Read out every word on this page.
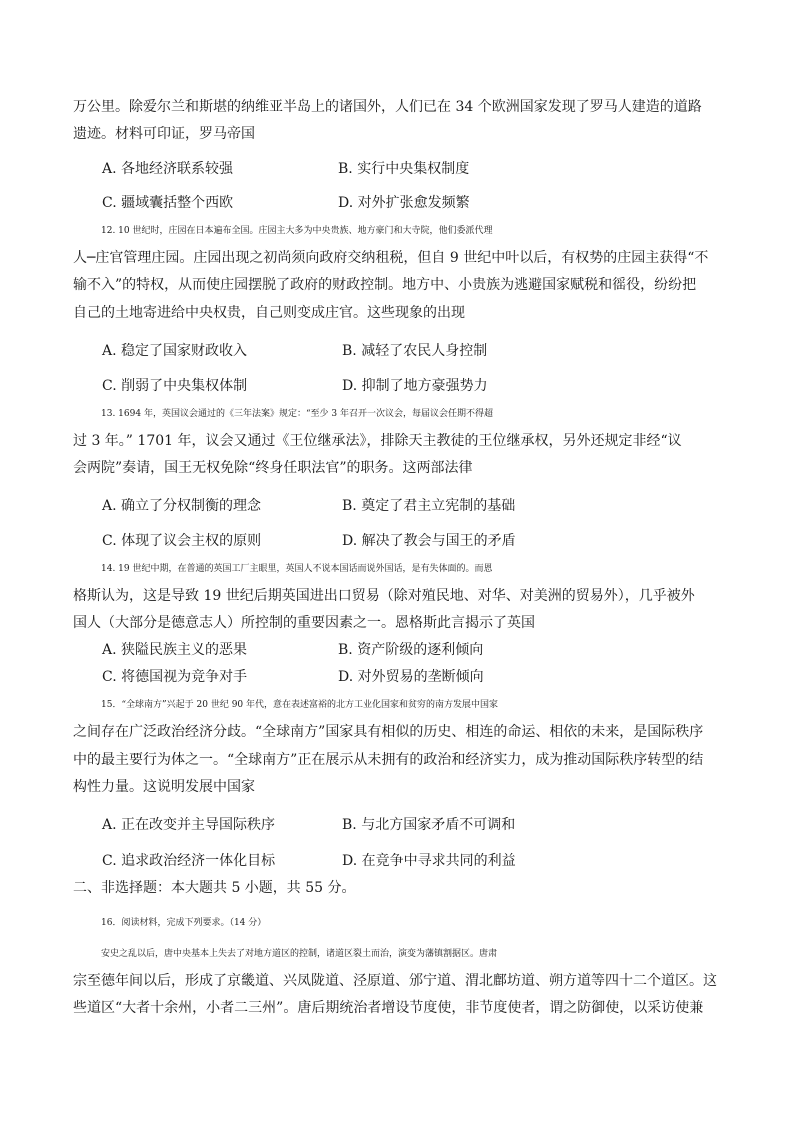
万公里。除爱尔兰和斯堪的纳维亚半岛上的诸国外，人们已在 34 个欧洲国家发现了罗马人建造的道路
遗迹。材料可印证，罗马帝国
A. 各地经济联系较强	B. 实行中央集权制度
C. 疆域囊括整个西欧	D. 对外扩张愈发频繁
12. 10 世纪时，庄园在日本遍布全国。庄园主大多为中央贵族、地方豪门和大寺院，他们委派代理
人─庄官管理庄园。庄园出现之初尚须向政府交纳租税，但自 9 世纪中叶以后，有权势的庄园主获得“不
输不入”的特权，从而使庄园摆脱了政府的财政控制。地方中、小贵族为逃避国家赋税和徭役，纷纷把
自己的土地寄进给中央权贵，自己则变成庄官。这些现象的出现
A. 稳定了国家财政收入	B. 减轻了农民人身控制
C. 削弱了中央集权体制	D. 抑制了地方豪强势力
13. 1694 年，英国议会通过的《三年法案》规定：“至少 3 年召开一次议会，每届议会任期不得超
过 3 年。” 1701 年，议会又通过《王位继承法》，排除天主教徒的王位继承权，另外还规定非经“议
会两院”奏请，国王无权免除“终身任职法官”的职务。这两部法律
A. 确立了分权制衡的理念	B. 奠定了君主立宪制的基础
C. 体现了议会主权的原则	D. 解决了教会与国王的矛盾
14. 19 世纪中期，在普通的英国工厂主眼里，英国人不说本国话而说外国话，是有失体面的。而恩
格斯认为，这是导致 19 世纪后期英国进出口贸易（除对殖民地、对华、对美洲的贸易外），几乎被外
国人（大部分是德意志人）所控制的重要因素之一。恩格斯此言揭示了英国
A. 狭隘民族主义的恶果	B. 资产阶级的逐利倾向
C. 将德国视为竞争对手	D. 对外贸易的垄断倾向
15．“全球南方”兴起于 20 世纪 90 年代，意在表述富裕的北方工业化国家和贫穷的南方发展中国家
之间存在广泛政治经济分歧。“全球南方”国家具有相似的历史、相连的命运、相依的未来，是国际秩序
中的最主要行为体之一。“全球南方”正在展示从未拥有的政治和经济实力，成为推动国际秩序转型的结
构性力量。这说明发展中国家
A. 正在改变并主导国际秩序	B. 与北方国家矛盾不可调和
C. 追求政治经济一体化目标	D. 在竞争中寻求共同的利益
二、非选择题：本大题共 5 小题，共 55 分。
16．阅读材料，完成下列要求。（14 分）
安史之乱以后，唐中央基本上失去了对地方道区的控制，诸道区裂土而治，演变为藩镇割据区。唐肃
宗至德年间以后，形成了京畿道、兴凤陇道、泾原道、邠宁道、渭北鄜坊道、朔方道等四十二个道区。这
些道区“大者十余州，小者二三州”。唐后期统治者增设节度使，非节度使者，谓之防御使，以采访使兼
